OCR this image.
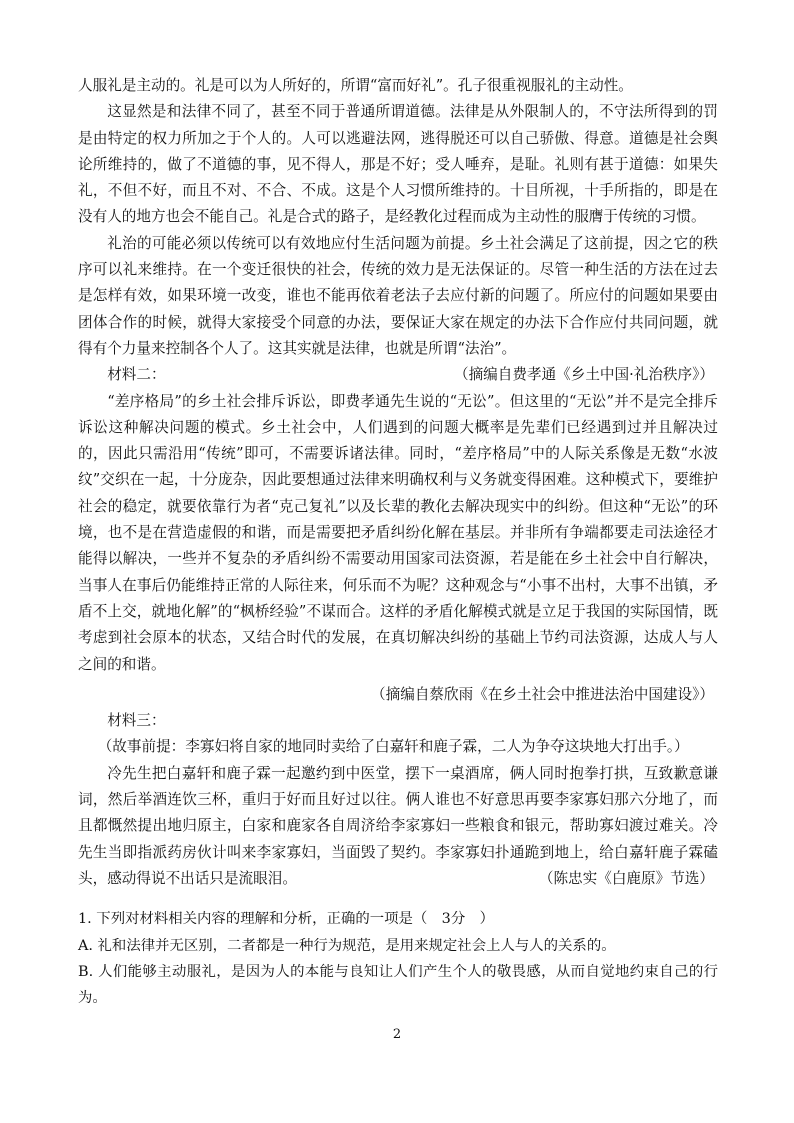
人服礼是主动的。礼是可以为人所好的，所谓“富而好礼”。孔子很重视服礼的主动性。

这显然是和法律不同了，甚至不同于普通所谓道德。法律是从外限制人的，不守法所得到的罚是由特定的权力所加之于个人的。人可以逃避法网，逃得脱还可以自己骄傲、得意。道德是社会舆论所维持的，做了不道德的事，见不得人，那是不好；受人唾弃，是耻。礼则有甚于道德：如果失礼，不但不好，而且不对、不合、不成。这是个人习惯所维持的。十目所视，十手所指的，即是在没有人的地方也会不能自己。礼是合式的路子，是经教化过程而成为主动性的服膺于传统的习惯。

礼治的可能必须以传统可以有效地应付生活问题为前提。乡土社会满足了这前提，因之它的秩序可以礼来维持。在一个变迁很快的社会，传统的效力是无法保证的。尽管一种生活的方法在过去是怎样有效，如果环境一改变，谁也不能再依着老法子去应付新的问题了。所应付的问题如果要由团体合作的时候，就得大家接受个同意的办法，要保证大家在规定的办法下合作应付共同问题，就得有个力量来控制各个人了。这其实就是法律，也就是所谓“法治”。
（摘编自费孝通《乡土中国·礼治秩序》）

材料二：

“差序格局”的乡土社会排斥诉讼，即费孝通先生说的“无讼”。但这里的“无讼”并不是完全排斥诉讼这种解决问题的模式。乡土社会中，人们遇到的问题大概率是先辈们已经遇到过并且解决过的，因此只需沿用“传统”即可，不需要诉诸法律。同时，“差序格局”中的人际关系像是无数“水波纹”交织在一起，十分庞杂，因此要想通过法律来明确权利与义务就变得困难。这种模式下，要维护社会的稳定，就要依靠行为者“克己复礼”以及长辈的教化去解决现实中的纠纷。但这种“无讼”的环境，也不是在营造虚假的和谐，而是需要把矛盾纠纷化解在基层。并非所有争端都要走司法途径才能得以解决，一些并不复杂的矛盾纠纷不需要动用国家司法资源，若是能在乡土社会中自行解决，当事人在事后仍能维持正常的人际往来，何乐而不为呢？这种观念与“小事不出村，大事不出镇，矛盾不上交，就地化解”的“枫桥经验”不谋而合。这样的矛盾化解模式就是立足于我国的实际国情，既考虑到社会原本的状态，又结合时代的发展，在真切解决纠纷的基础上节约司法资源，达成人与人之间的和谐。

（摘编自蔡欣雨《在乡土社会中推进法治中国建设》）

材料三：

（故事前提：李寡妇将自家的地同时卖给了白嘉轩和鹿子霖，二人为争夺这块地大打出手。）

冷先生把白嘉轩和鹿子霖一起邀约到中医堂，摆下一桌酒席，俩人同时抱拳打拱，互致歉意谦词，然后举酒连饮三杯，重归于好而且好过以往。俩人谁也不好意思再要李家寡妇那六分地了，而且都慨然提出地归原主，白家和鹿家各自周济给李家寡妇一些粮食和银元，帮助寡妇渡过难关。冷先生当即指派药房伙计叫来李家寡妇，当面毁了契约。李家寡妇扑通跪到地上，给白嘉轩鹿子霖磕头，感动得说不出话只是流眼泪。	（陈忠实《白鹿原》节选）

1. 下列对材料相关内容的理解和分析，正确的一项是（　3分　）

A. 礼和法律并无区别，二者都是一种行为规范，是用来规定社会上人与人的关系的。

B. 人们能够主动服礼，是因为人的本能与良知让人们产生个人的敬畏感，从而自觉地约束自己的行为。

2
